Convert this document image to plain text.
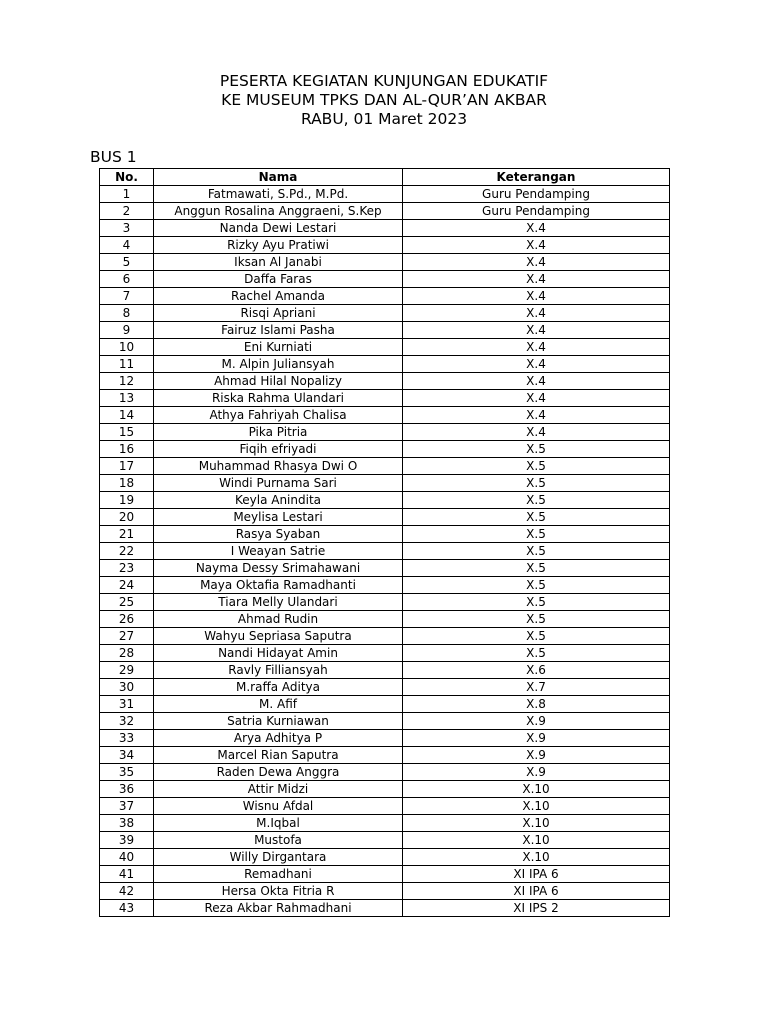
PESERTA KEGIATAN KUNJUNGAN EDUKATIF
KE MUSEUM TPKS DAN AL-QUR’AN AKBAR
RABU, 01 Maret 2023
BUS 1
No.	Nama	Keterangan
1	Fatmawati, S.Pd., M.Pd.	Guru Pendamping
2	Anggun Rosalina Anggraeni, S.Kep	Guru Pendamping
3	Nanda Dewi Lestari	X.4
4	Rizky Ayu Pratiwi	X.4
5	Iksan Al Janabi	X.4
6	Daffa Faras	X.4
7	Rachel Amanda	X.4
8	Risqi Apriani	X.4
9	Fairuz Islami Pasha	X.4
10	Eni Kurniati	X.4
11	M. Alpin Juliansyah	X.4
12	Ahmad Hilal Nopalizy	X.4
13	Riska Rahma Ulandari	X.4
14	Athya Fahriyah Chalisa	X.4
15	Pika Pitria	X.4
16	Fiqih efriyadi	X.5
17	Muhammad Rhasya Dwi O	X.5
18	Windi Purnama Sari	X.5
19	Keyla Anindita	X.5
20	Meylisa Lestari	X.5
21	Rasya Syaban	X.5
22	I Weayan Satrie	X.5
23	Nayma Dessy Srimahawani	X.5
24	Maya Oktafia Ramadhanti	X.5
25	Tiara Melly Ulandari	X.5
26	Ahmad Rudin	X.5
27	Wahyu Sepriasa Saputra	X.5
28	Nandi Hidayat Amin	X.5
29	Ravly Filliansyah	X.6
30	M.raffa Aditya	X.7
31	M. Afif	X.8
32	Satria Kurniawan	X.9
33	Arya Adhitya P	X.9
34	Marcel Rian Saputra	X.9
35	Raden Dewa Anggra	X.9
36	Attir Midzi	X.10
37	Wisnu Afdal	X.10
38	M.Iqbal	X.10
39	Mustofa	X.10
40	Willy Dirgantara	X.10
41	Remadhani	XI IPA 6
42	Hersa Okta Fitria R	XI IPA 6
43	Reza Akbar Rahmadhani	XI IPS 2
